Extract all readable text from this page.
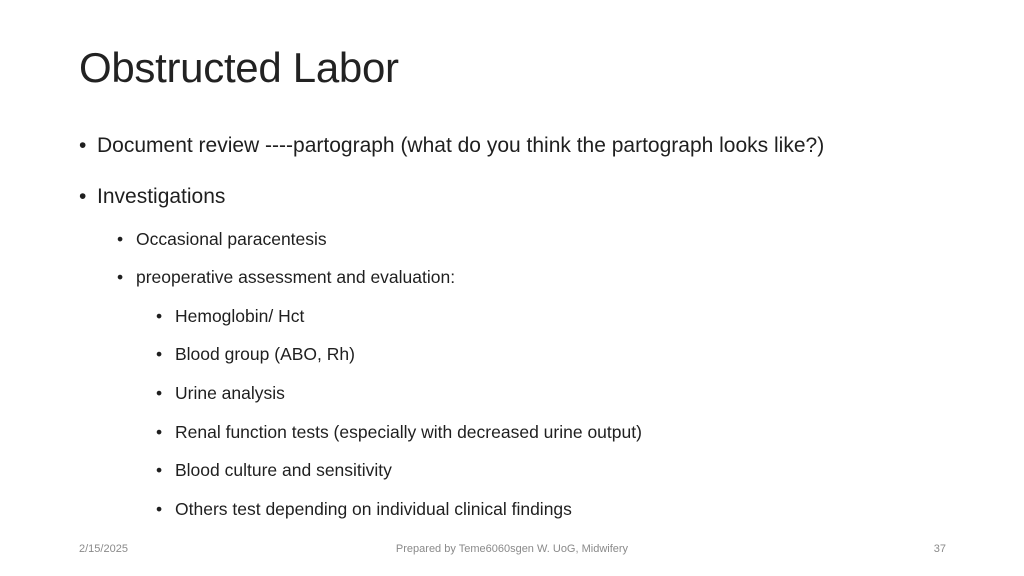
Obstructed Labor
• Document review ----partograph (what do you think the partograph looks like?)
• Investigations
• Occasional paracentesis
• preoperative assessment and evaluation:
• Hemoglobin/ Hct
• Blood group (ABO, Rh)
• Urine analysis
• Renal function tests (especially with decreased urine output)
• Blood culture and sensitivity
• Others test depending on individual clinical findings
2/15/2025	Prepared by Teme6060sgen W. UoG, Midwifery	37
